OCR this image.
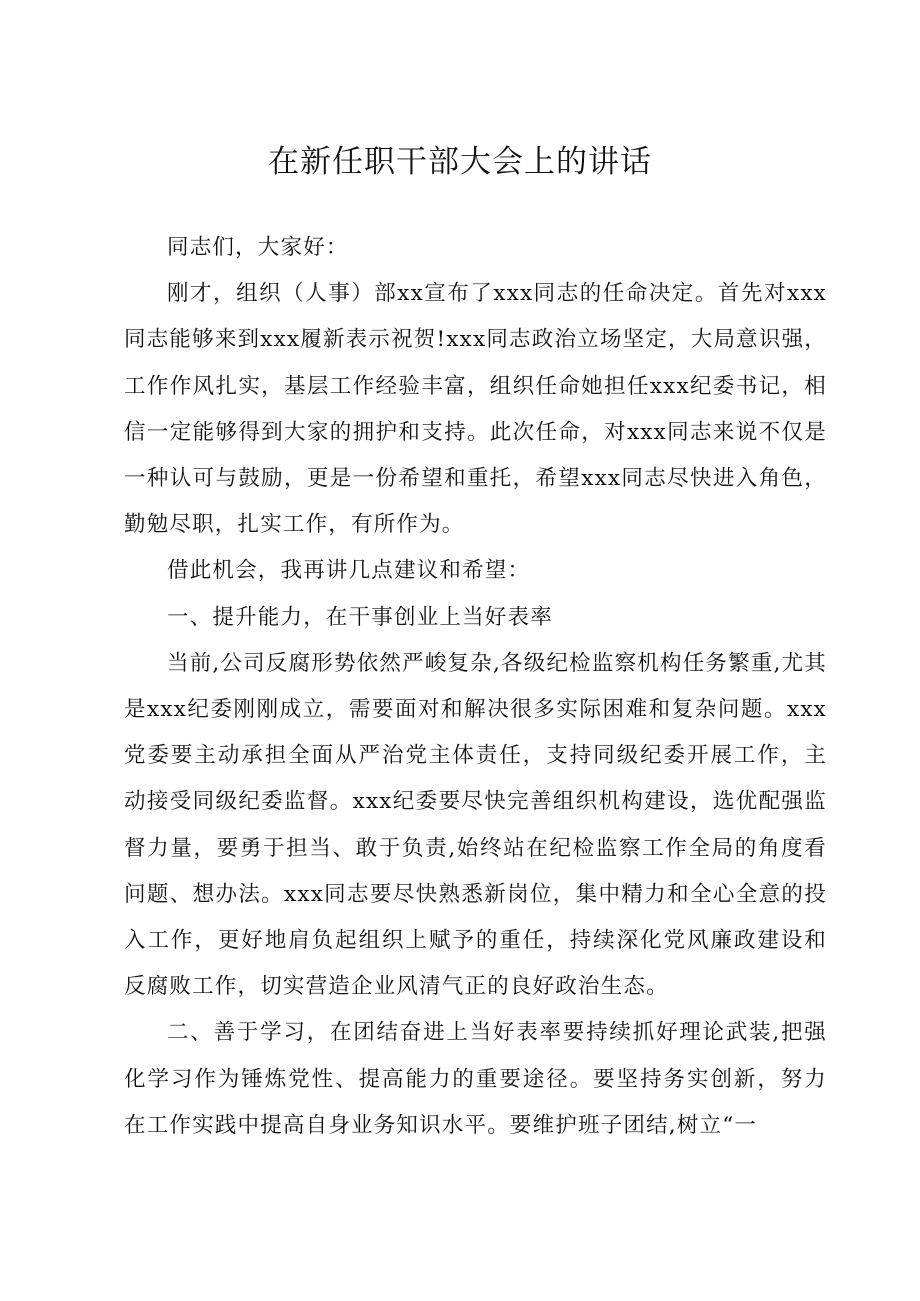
在新任职干部大会上的讲话

同志们，大家好：

刚才，组织（人事）部xx宣布了xxx同志的任命决定。首先对xxx同志能够来到xxx履新表示祝贺!xxx同志政治立场坚定，大局意识强，工作作风扎实，基层工作经验丰富，组织任命她担任xxx纪委书记，相信一定能够得到大家的拥护和支持。此次任命，对xxx同志来说不仅是一种认可与鼓励，更是一份希望和重托，希望xxx同志尽快进入角色，勤勉尽职，扎实工作，有所作为。

借此机会，我再讲几点建议和希望：

一、提升能力，在干事创业上当好表率

当前,公司反腐形势依然严峻复杂,各级纪检监察机构任务繁重,尤其是xxx纪委刚刚成立，需要面对和解决很多实际困难和复杂问题。xxx党委要主动承担全面从严治党主体责任，支持同级纪委开展工作，主动接受同级纪委监督。xxx纪委要尽快完善组织机构建设，选优配强监督力量，要勇于担当、敢于负责,始终站在纪检监察工作全局的角度看问题、想办法。xxx同志要尽快熟悉新岗位，集中精力和全心全意的投入工作，更好地肩负起组织上赋予的重任，持续深化党风廉政建设和反腐败工作，切实营造企业风清气正的良好政治生态。

二、善于学习，在团结奋进上当好表率要持续抓好理论武装,把强化学习作为锤炼党性、提高能力的重要途径。要坚持务实创新，努力在工作实践中提高自身业务知识水平。要维护班子团结,树立“一
